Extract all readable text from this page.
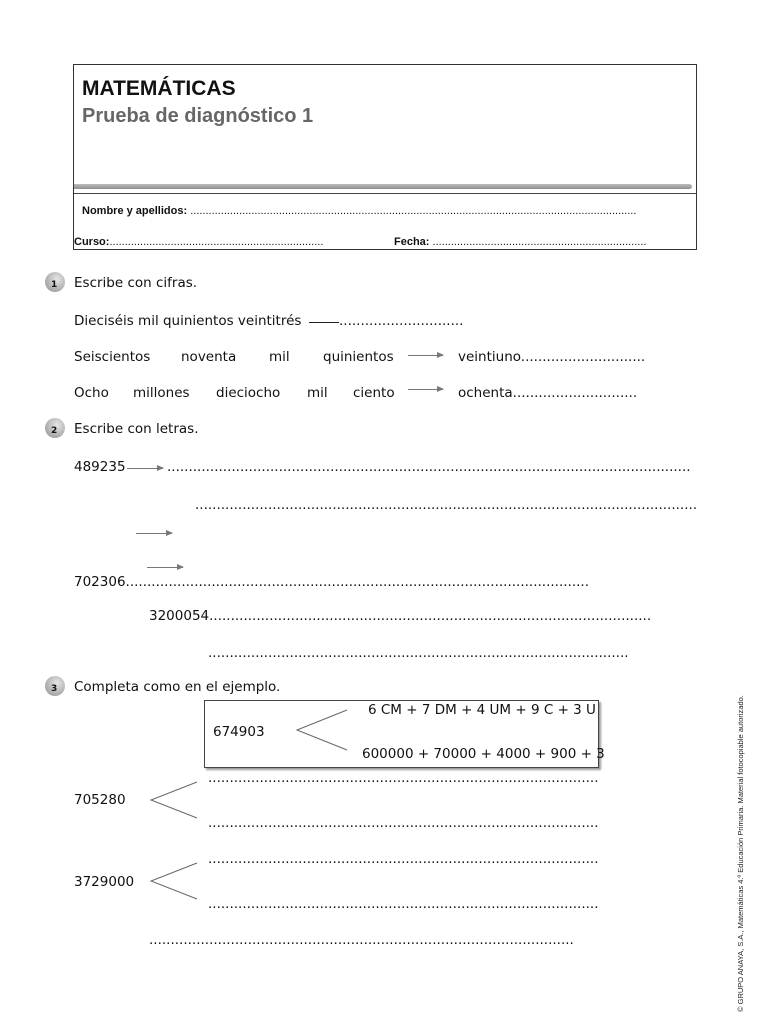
MATEMÁTICAS
Prueba de diagnóstico 1
Nombre y apellidos: ..................................................................................................................................................
Curso:......................................................................	Fecha: ......................................................................
1 Escribe con cifras.
Dieciséis mil quinientos veintitrés	.............................
Seiscientos noventa mil quinientos	veintiuno.............................
Ocho millones dieciocho mil ciento	ochenta.............................
2 Escribe con letras.
489235	..........................................................................................................................
.....................................................................................................................
702306............................................................................................................
3200054.......................................................................................................
..................................................................................................
3 Completa como en el ejemplo.
674903
6 CM + 7 DM + 4 UM + 9 C + 3 U
600000 + 70000 + 4000 + 900 + 3
...........................................................................................
705280
...........................................................................................
...........................................................................................
3729000
...........................................................................................
...................................................................................................	© GRUPO ANAYA, S.A., Matemáticas 4.º Educación Primaria. Material fotocopiable autorizado.
